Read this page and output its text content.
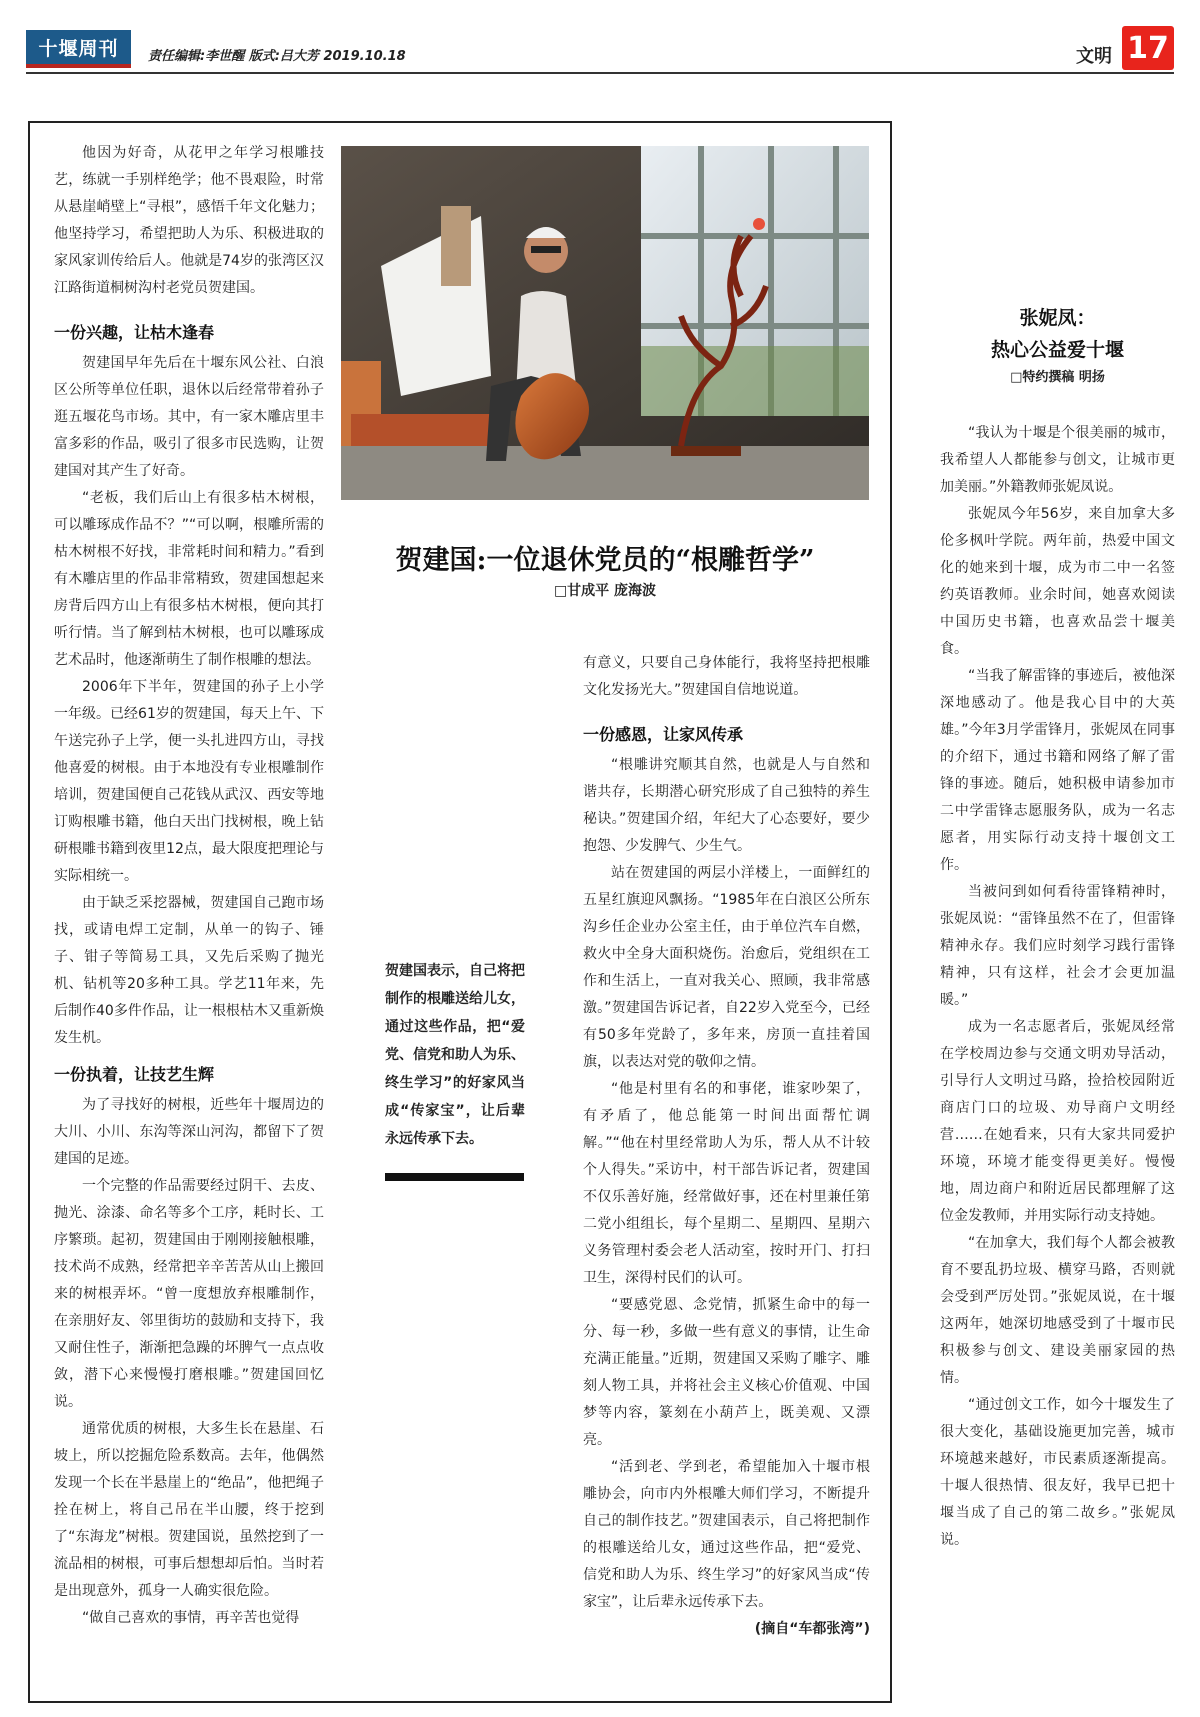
十堰周刊	责任编辑:李世醒 版式:吕大芳 2019.10.18	文明 17

他因为好奇，从花甲之年学习根雕技艺，练就一手别样绝学；他不畏艰险，时常从悬崖峭壁上“寻根”，感悟千年文化魅力；他坚持学习，希望把助人为乐、积极进取的家风家训传给后人。他就是74岁的张湾区汉江路街道桐树沟村老党员贺建国。

一份兴趣，让枯木逢春

贺建国早年先后在十堰东风公社、白浪区公所等单位任职，退休以后经常带着孙子逛五堰花鸟市场。其中，有一家木雕店里丰富多彩的作品，吸引了很多市民选购，让贺建国对其产生了好奇。

“老板，我们后山上有很多枯木树根，可以雕琢成作品不？”“可以啊，根雕所需的枯木树根不好找，非常耗时间和精力。”看到有木雕店里的作品非常精致，贺建国想起来房背后四方山上有很多枯木树根，便向其打听行情。当了解到枯木树根，也可以雕琢成艺术品时，他逐渐萌生了制作根雕的想法。

2006年下半年，贺建国的孙子上小学一年级。已经61岁的贺建国，每天上午、下午送完孙子上学，便一头扎进四方山，寻找他喜爱的树根。由于本地没有专业根雕制作培训，贺建国便自己花钱从武汉、西安等地订购根雕书籍，他白天出门找树根，晚上钻研根雕书籍到夜里12点，最大限度把理论与实际相统一。

由于缺乏采挖器械，贺建国自己跑市场找，或请电焊工定制，从单一的钩子、锤子、钳子等简易工具，又先后采购了抛光机、钻机等20多种工具。学艺11年来，先后制作40多件作品，让一根根枯木又重新焕发生机。

一份执着，让技艺生辉

为了寻找好的树根，近些年十堰周边的大川、小川、东沟等深山河沟，都留下了贺建国的足迹。

一个完整的作品需要经过阴干、去皮、抛光、涂漆、命名等多个工序，耗时长、工序繁琐。起初，贺建国由于刚刚接触根雕，技术尚不成熟，经常把辛辛苦苦从山上搬回来的树根弄坏。“曾一度想放弃根雕制作，在亲朋好友、邻里街坊的鼓励和支持下，我又耐住性子，渐渐把急躁的坏脾气一点点收敛，潜下心来慢慢打磨根雕。”贺建国回忆说。

通常优质的树根，大多生长在悬崖、石坡上，所以挖掘危险系数高。去年，他偶然发现一个长在半悬崖上的“绝品”，他把绳子拴在树上，将自己吊在半山腰，终于挖到了“东海龙”树根。贺建国说，虽然挖到了一流品相的树根，可事后想想却后怕。当时若是出现意外，孤身一人确实很危险。

“做自己喜欢的事情，再辛苦也觉得

贺建国:一位退休党员的“根雕哲学”
□甘成平 庞海波
贺建国表示，自己将把制作的根雕送给儿女，通过这些作品，把“爱党、信党和助人为乐、终生学习”的好家风当成“传家宝”，让后辈永远传承下去。

有意义，只要自己身体能行，我将坚持把根雕文化发扬光大。”贺建国自信地说道。

一份感恩，让家风传承

“根雕讲究顺其自然，也就是人与自然和谐共存，长期潜心研究形成了自己独特的养生秘诀。”贺建国介绍，年纪大了心态要好，要少抱怨、少发脾气、少生气。

站在贺建国的两层小洋楼上，一面鲜红的五星红旗迎风飘扬。“1985年在白浪区公所东沟乡任企业办公室主任，由于单位汽车自燃，救火中全身大面积烧伤。治愈后，党组织在工作和生活上，一直对我关心、照顾，我非常感激。”贺建国告诉记者，自22岁入党至今，已经有50多年党龄了，多年来，房顶一直挂着国旗，以表达对党的敬仰之情。

“他是村里有名的和事佬，谁家吵架了，有矛盾了，他总能第一时间出面帮忙调解。”“他在村里经常助人为乐，帮人从不计较个人得失。”采访中，村干部告诉记者，贺建国不仅乐善好施，经常做好事，还在村里兼任第二党小组组长，每个星期二、星期四、星期六义务管理村委会老人活动室，按时开门、打扫卫生，深得村民们的认可。

“要感党恩、念党情，抓紧生命中的每一分、每一秒，多做一些有意义的事情，让生命充满正能量。”近期，贺建国又采购了雕字、雕刻人物工具，并将社会主义核心价值观、中国梦等内容，篆刻在小葫芦上，既美观、又漂亮。

“活到老、学到老，希望能加入十堰市根雕协会，向市内外根雕大师们学习，不断提升自己的制作技艺。”贺建国表示，自己将把制作的根雕送给儿女，通过这些作品，把“爱党、信党和助人为乐、终生学习”的好家风当成“传家宝”，让后辈永远传承下去。

(摘自“车都张湾”)

张妮凤：
热心公益爱十堰
□特约撰稿 明扬

“我认为十堰是个很美丽的城市，我希望人人都能参与创文，让城市更加美丽。”外籍教师张妮凤说。

张妮凤今年56岁，来自加拿大多伦多枫叶学院。两年前，热爱中国文化的她来到十堰，成为市二中一名签约英语教师。业余时间，她喜欢阅读中国历史书籍，也喜欢品尝十堰美食。

“当我了解雷锋的事迹后，被他深深地感动了。他是我心目中的大英雄。”今年3月学雷锋月，张妮凤在同事的介绍下，通过书籍和网络了解了雷锋的事迹。随后，她积极申请参加市二中学雷锋志愿服务队，成为一名志愿者，用实际行动支持十堰创文工作。

当被问到如何看待雷锋精神时，张妮凤说：“雷锋虽然不在了，但雷锋精神永存。我们应时刻学习践行雷锋精神，只有这样，社会才会更加温暖。”

成为一名志愿者后，张妮凤经常在学校周边参与交通文明劝导活动，引导行人文明过马路，捡拾校园附近商店门口的垃圾、劝导商户文明经营……在她看来，只有大家共同爱护环境，环境才能变得更美好。慢慢地，周边商户和附近居民都理解了这位金发教师，并用实际行动支持她。

“在加拿大，我们每个人都会被教育不要乱扔垃圾、横穿马路，否则就会受到严厉处罚。”张妮凤说，在十堰这两年，她深切地感受到了十堰市民积极参与创文、建设美丽家园的热情。

“通过创文工作，如今十堰发生了很大变化，基础设施更加完善，城市环境越来越好，市民素质逐渐提高。十堰人很热情、很友好，我早已把十堰当成了自己的第二故乡。”张妮凤说。
